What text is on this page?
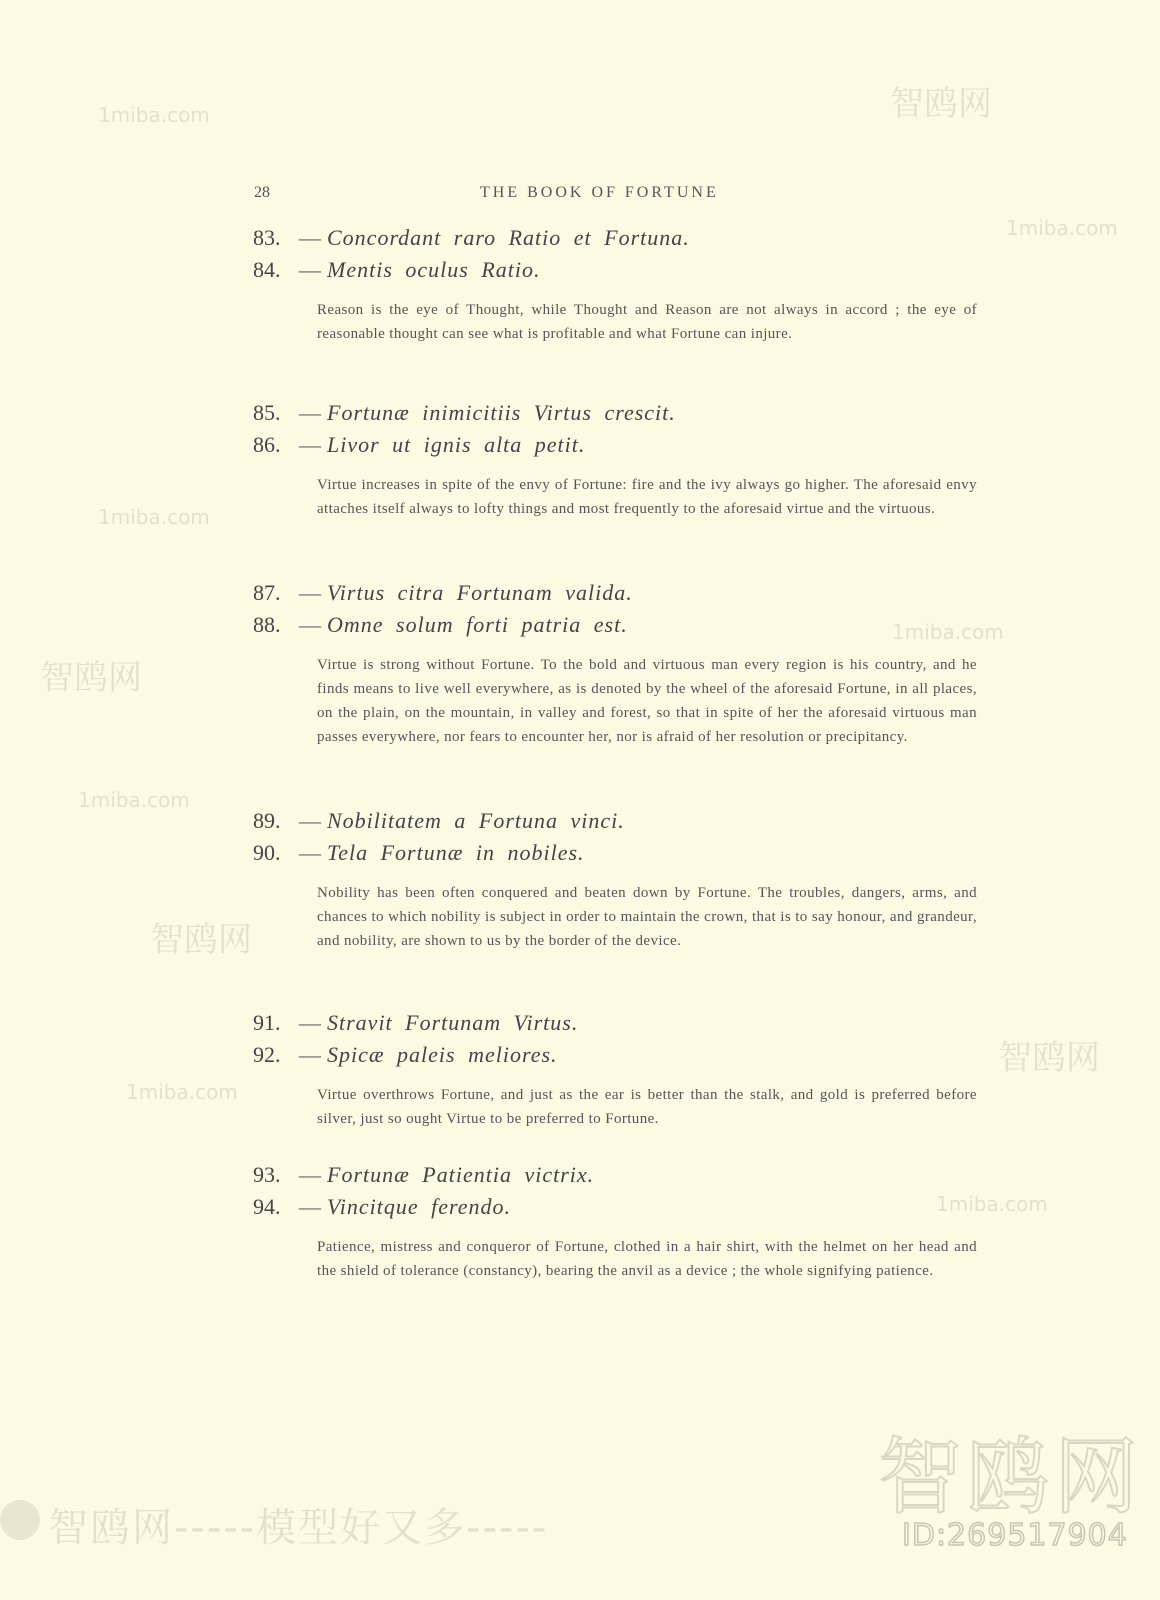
1miba.com
1miba.com
1miba.com
1miba.com
1miba.com
1miba.com
1miba.com
智鸥网
智鸥网
智鸥网
智鸥网
智鸥网
ID:269517904
智鸥网-----模型好又多-----
28	THE BOOK OF FORTUNE
83. — Concordant raro Ratio et Fortuna.
84. — Mentis oculus Ratio.

Reason is the eye of Thought, while Thought and Reason are not always in accord ; the eye of reasonable thought can see what is profitable and what Fortune can injure.

85. — Fortunæ inimicitiis Virtus crescit.
86. — Livor ut ignis alta petit.

Virtue increases in spite of the envy of Fortune: fire and the ivy always go higher. The aforesaid envy attaches itself always to lofty things and most frequently to the aforesaid virtue and the virtuous.

87. — Virtus citra Fortunam valida.
88. — Omne solum forti patria est.

Virtue is strong without Fortune. To the bold and virtuous man every region is his country, and he finds means to live well everywhere, as is denoted by the wheel of the aforesaid Fortune, in all places, on the plain, on the mountain, in valley and forest, so that in spite of her the aforesaid virtuous man passes everywhere, nor fears to encounter her, nor is afraid of her resolution or precipitancy.

89. — Nobilitatem a Fortuna vinci.
90. — Tela Fortunæ in nobiles.

Nobility has been often conquered and beaten down by Fortune. The troubles, dangers, arms, and chances to which nobility is subject in order to maintain the crown, that is to say honour, and grandeur, and nobility, are shown to us by the border of the device.

91. — Stravit Fortunam Virtus.
92. — Spicæ paleis meliores.

Virtue overthrows Fortune, and just as the ear is better than the stalk, and gold is preferred before silver, just so ought Virtue to be preferred to Fortune.

93. — Fortunæ Patientia victrix.
94. — Vincitque ferendo.

Patience, mistress and conqueror of Fortune, clothed in a hair shirt, with the helmet on her head and the shield of tolerance (constancy), bearing the anvil as a device ; the whole signifying patience.
